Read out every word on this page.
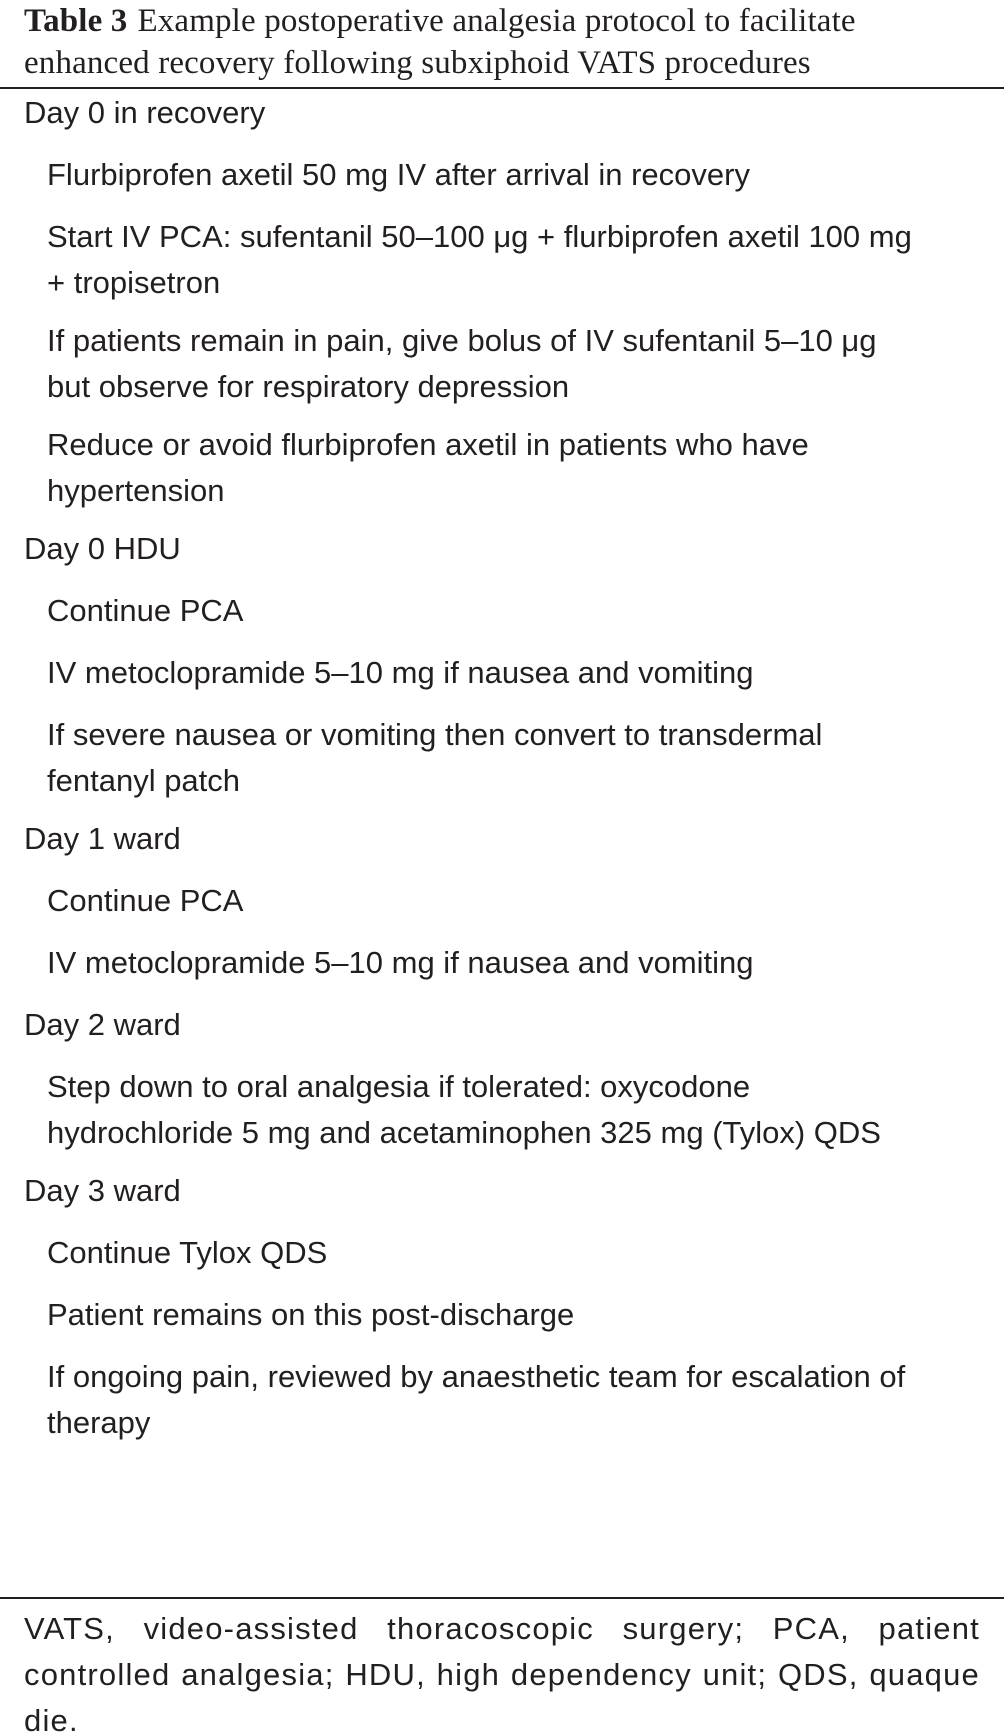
Table 3 Example postoperative analgesia protocol to facilitate
enhanced recovery following subxiphoid VATS procedures
Day 0 in recovery
Flurbiprofen axetil 50 mg IV after arrival in recovery
Start IV PCA: sufentanil 50–100 μg + flurbiprofen axetil 100 mg
+ tropisetron
If patients remain in pain, give bolus of IV sufentanil 5–10 μg
but observe for respiratory depression
Reduce or avoid flurbiprofen axetil in patients who have
hypertension
Day 0 HDU
Continue PCA
IV metoclopramide 5–10 mg if nausea and vomiting
If severe nausea or vomiting then convert to transdermal
fentanyl patch
Day 1 ward
Continue PCA
IV metoclopramide 5–10 mg if nausea and vomiting
Day 2 ward
Step down to oral analgesia if tolerated: oxycodone
hydrochloride 5 mg and acetaminophen 325 mg (Tylox) QDS
Day 3 ward
Continue Tylox QDS
Patient remains on this post-discharge
If ongoing pain, reviewed by anaesthetic team for escalation of
therapy
VATS, video-assisted thoracoscopic surgery; PCA, patient
controlled analgesia; HDU, high dependency unit; QDS, quaque
die.
